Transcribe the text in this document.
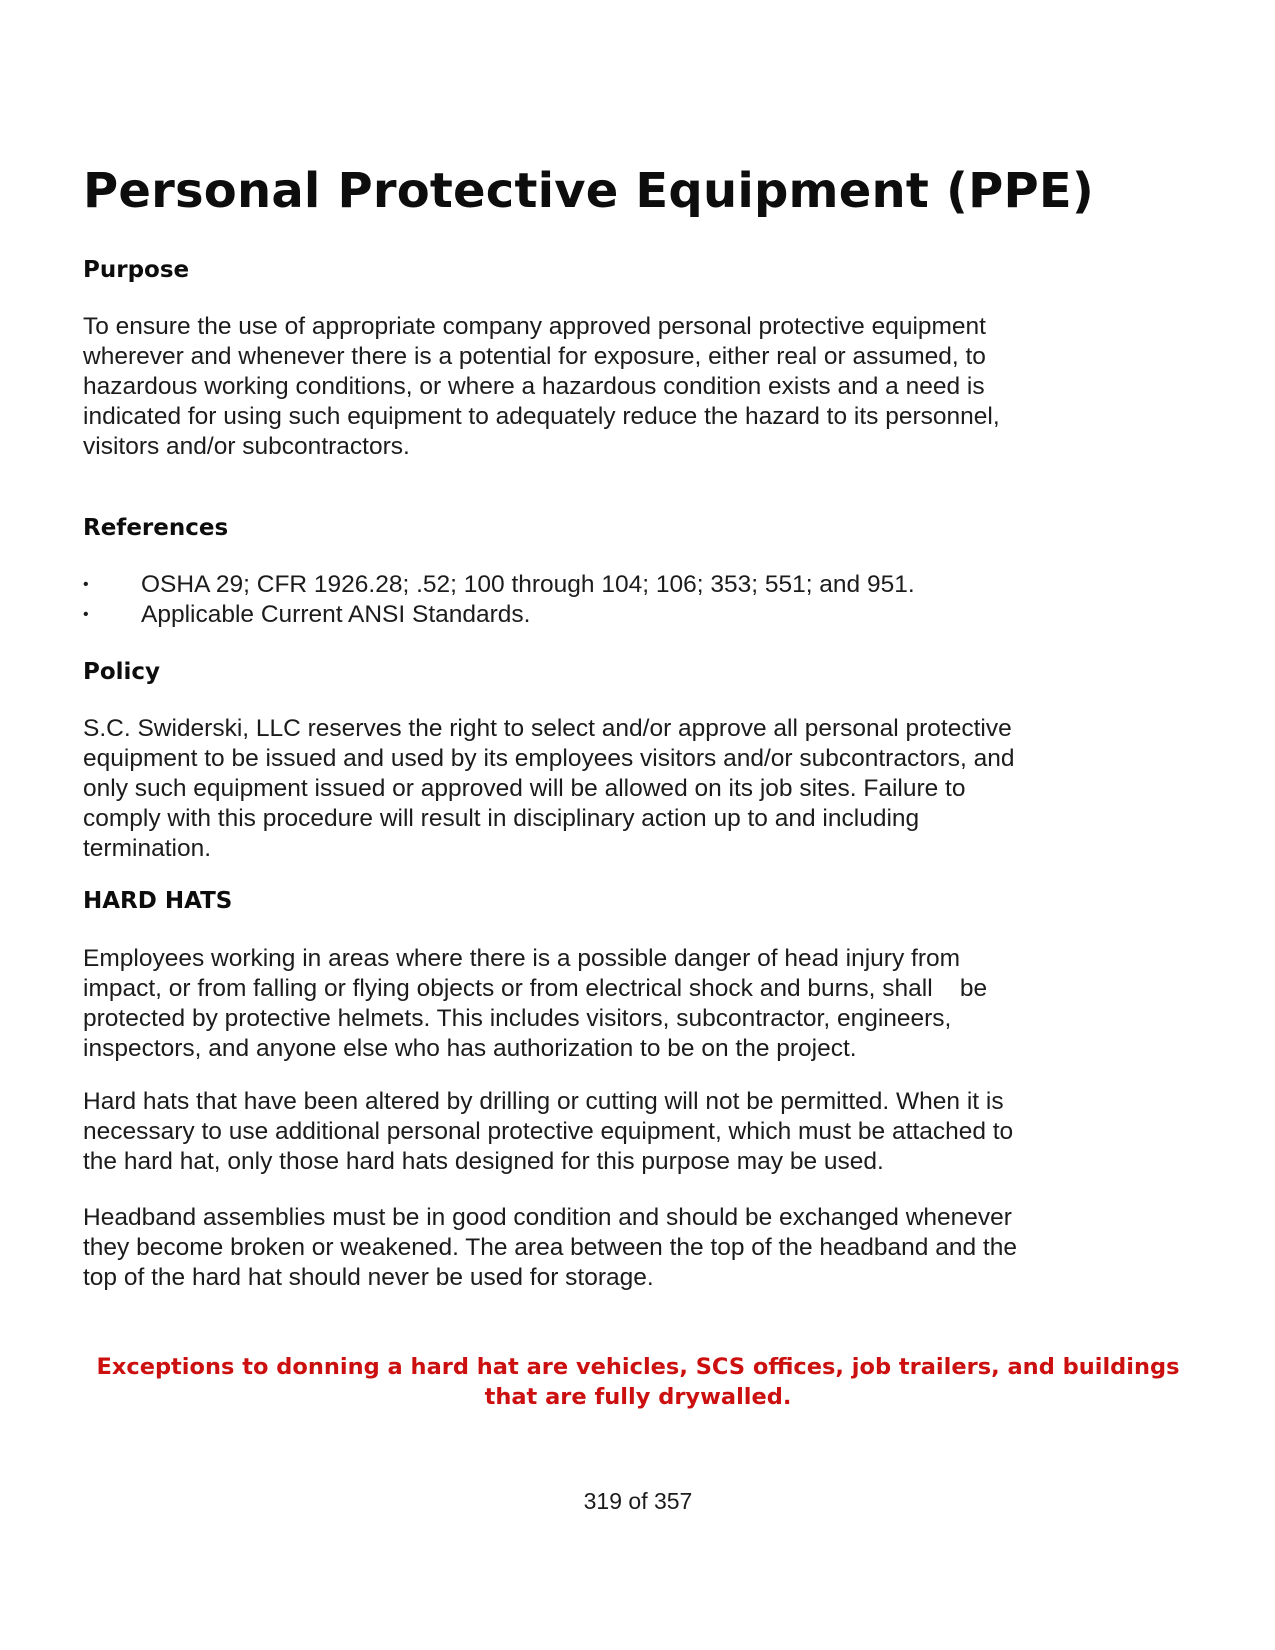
Personal Protective Equipment (PPE)
Purpose

To ensure the use of appropriate company approved personal protective equipment
wherever and whenever there is a potential for exposure, either real or assumed, to
hazardous working conditions, or where a hazardous condition exists and a need is
indicated for using such equipment to adequately reduce the hazard to its personnel,
visitors and/or subcontractors.

References
• OSHA 29; CFR 1926.28; .52; 100 through 104; 106; 353; 551; and 951.
• Applicable Current ANSI Standards.
Policy

S.C. Swiderski, LLC reserves the right to select and/or approve all personal protective
equipment to be issued and used by its employees visitors and/or subcontractors, and
only such equipment issued or approved will be allowed on its job sites. Failure to
comply with this procedure will result in disciplinary action up to and including
termination.

HARD HATS

Employees working in areas where there is a possible danger of head injury from
impact, or from falling or flying objects or from electrical shock and burns, shall    be
protected by protective helmets. This includes visitors, subcontractor, engineers,
inspectors, and anyone else who has authorization to be on the project.

Hard hats that have been altered by drilling or cutting will not be permitted. When it is
necessary to use additional personal protective equipment, which must be attached to
the hard hat, only those hard hats designed for this purpose may be used.

Headband assemblies must be in good condition and should be exchanged whenever
they become broken or weakened. The area between the top of the headband and the
top of the hard hat should never be used for storage.

Exceptions to donning a hard hat are vehicles, SCS offices, job trailers, and buildings
that are fully drywalled.

319 of 357
